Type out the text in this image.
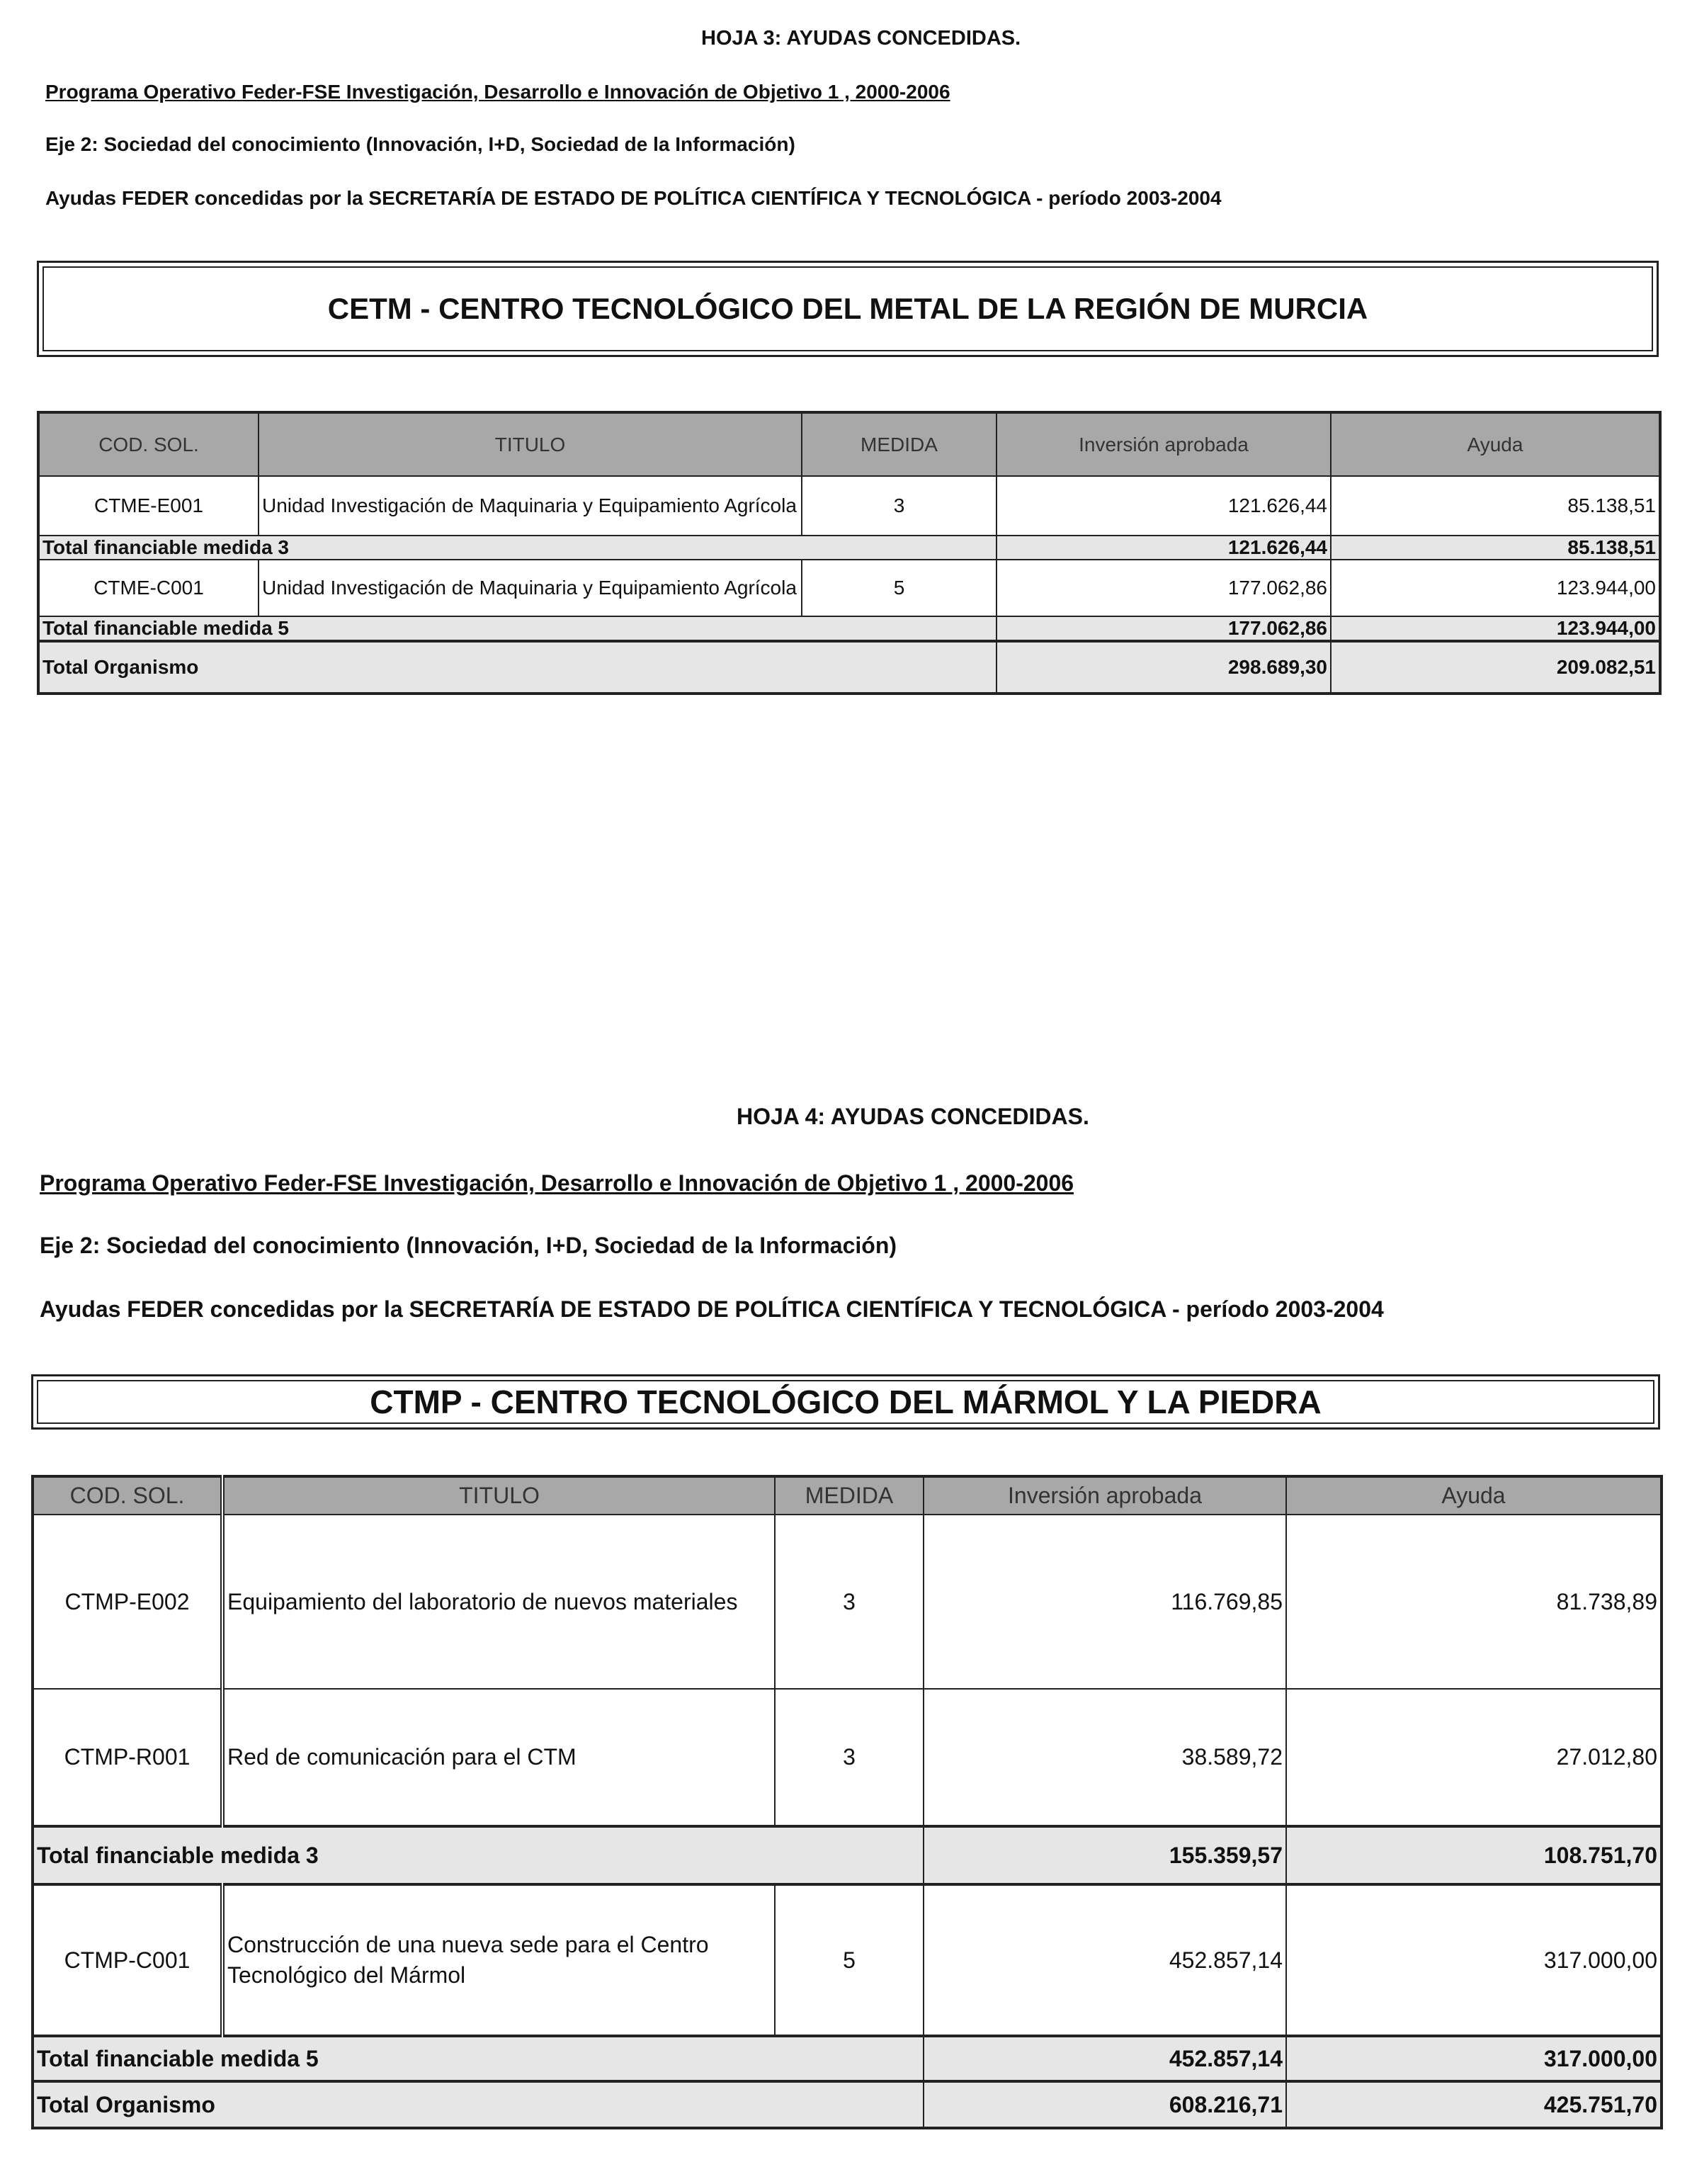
HOJA 3: AYUDAS CONCEDIDAS.
Programa Operativo Feder-FSE Investigación, Desarrollo e Innovación de Objetivo 1 , 2000-2006
Eje 2: Sociedad del conocimiento (Innovación, I+D, Sociedad de la Información)
Ayudas FEDER concedidas por la SECRETARÍA DE ESTADO DE POLÍTICA CIENTÍFICA Y TECNOLÓGICA - período 2003-2004
CETM - CENTRO TECNOLÓGICO DEL METAL DE LA REGIÓN DE MURCIA
COD. SOL.	TITULO	MEDIDA	Inversión aprobada	Ayuda
CTME-E001	Unidad Investigación de Maquinaria y Equipamiento Agrícola	3	121.626,44	85.138,51
Total financiable medida 3			121.626,44	85.138,51
CTME-C001	Unidad Investigación de Maquinaria y Equipamiento Agrícola	5	177.062,86	123.944,00
Total financiable medida 5			177.062,86	123.944,00
Total Organismo			298.689,30	209.082,51
HOJA 4: AYUDAS CONCEDIDAS.
Programa Operativo Feder-FSE Investigación, Desarrollo e Innovación de Objetivo 1 , 2000-2006
Eje 2: Sociedad del conocimiento (Innovación, I+D, Sociedad de la Información)
Ayudas FEDER concedidas por la SECRETARÍA DE ESTADO DE POLÍTICA CIENTÍFICA Y TECNOLÓGICA - período 2003-2004
CTMP - CENTRO TECNOLÓGICO DEL MÁRMOL Y LA PIEDRA
COD. SOL.	TITULO	MEDIDA	Inversión aprobada	Ayuda
CTMP-E002	Equipamiento del laboratorio de nuevos materiales	3	116.769,85	81.738,89
CTMP-R001	Red de comunicación para el CTM	3	38.589,72	27.012,80
Total financiable medida 3			155.359,57	108.751,70
CTMP-C001	Construcción de una nueva sede para el Centro Tecnológico del Mármol	5	452.857,14	317.000,00
Total financiable medida 5			452.857,14	317.000,00
Total Organismo			608.216,71	425.751,70
